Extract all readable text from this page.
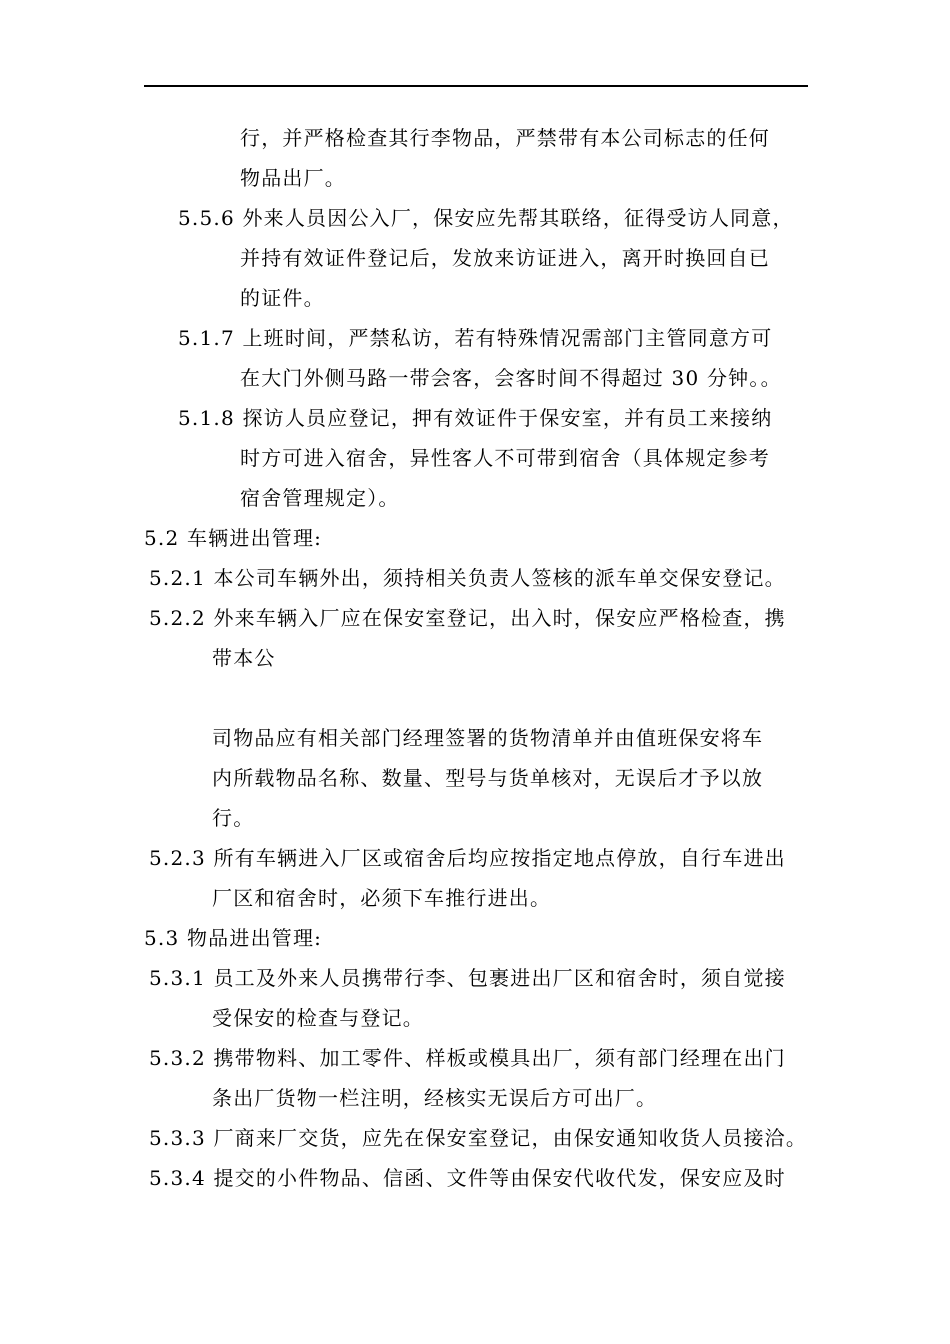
行，并严格检查其行李物品，严禁带有本公司标志的任何

物品出厂。

5.5.6 外来人员因公入厂，保安应先帮其联络，征得受访人同意，

并持有效证件登记后，发放来访证进入，离开时换回自已

的证件。

5.1.7 上班时间，严禁私访，若有特殊情况需部门主管同意方可

在大门外侧马路一带会客，会客时间不得超过 30 分钟。。

5.1.8 探访人员应登记，押有效证件于保安室，并有员工来接纳

时方可进入宿舍，异性客人不可带到宿舍（具体规定参考

宿舍管理规定）。

5.2 车辆进出管理:

5.2.1 本公司车辆外出，须持相关负责人签核的派车单交保安登记。

5.2.2 外来车辆入厂应在保安室登记，出入时，保安应严格检查，携

带本公

司物品应有相关部门经理签署的货物清单并由值班保安将车

内所载物品名称、数量、型号与货单核对，无误后才予以放

行。

5.2.3 所有车辆进入厂区或宿舍后均应按指定地点停放，自行车进出

厂区和宿舍时，必须下车推行进出。

5.3 物品进出管理:

5.3.1 员工及外来人员携带行李、包裹进出厂区和宿舍时，须自觉接

受保安的检查与登记。

5.3.2 携带物料、加工零件、样板或模具出厂，须有部门经理在出门

条出厂货物一栏注明，经核实无误后方可出厂。

5.3.3 厂商来厂交货，应先在保安室登记，由保安通知收货人员接洽。

5.3.4 提交的小件物品、信函、文件等由保安代收代发，保安应及时
